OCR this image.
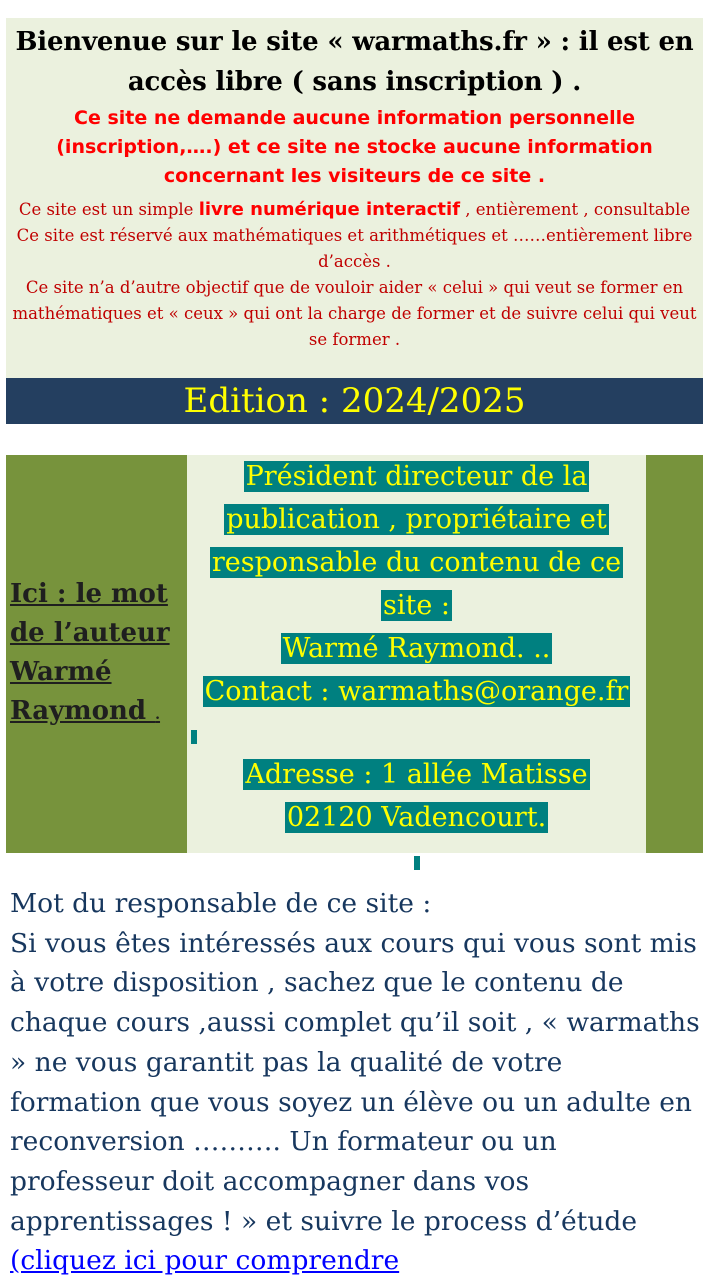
Bienvenue sur le site « warmaths.fr » : il est en accès libre ( sans inscription ) .
Ce site ne demande aucune information personnelle (inscription,….) et ce site ne stocke aucune information concernant les visiteurs de ce site .
Ce site est un simple livre numérique interactif , entièrement , consultable Ce site est réservé aux mathématiques et arithmétiques et ……entièrement libre d’accès .
Ce site n’a d’autre objectif que de vouloir aider « celui » qui veut se former en mathématiques et « ceux » qui ont la charge de former et de suivre celui qui veut se former .
Edition : 2024/2025
Ici : le mot de l’auteur Warmé Raymond .
Président directeur de la
publication , propriétaire et
responsable du contenu de ce
site :
Warmé Raymond. ..
Contact : warmaths@orange.fr
Adresse : 1 allée Matisse
02120 Vadencourt.
Mot du responsable de ce site :
Si vous êtes intéressés aux cours qui vous sont mis à votre disposition , sachez que le contenu de chaque cours ,aussi complet qu’il soit , « warmaths » ne vous garantit pas la qualité de votre formation que vous soyez un élève ou un adulte en reconversion ………. Un formateur ou un professeur doit accompagner dans vos apprentissages ! » et suivre le process d’étude (cliquez ici pour comprendre
